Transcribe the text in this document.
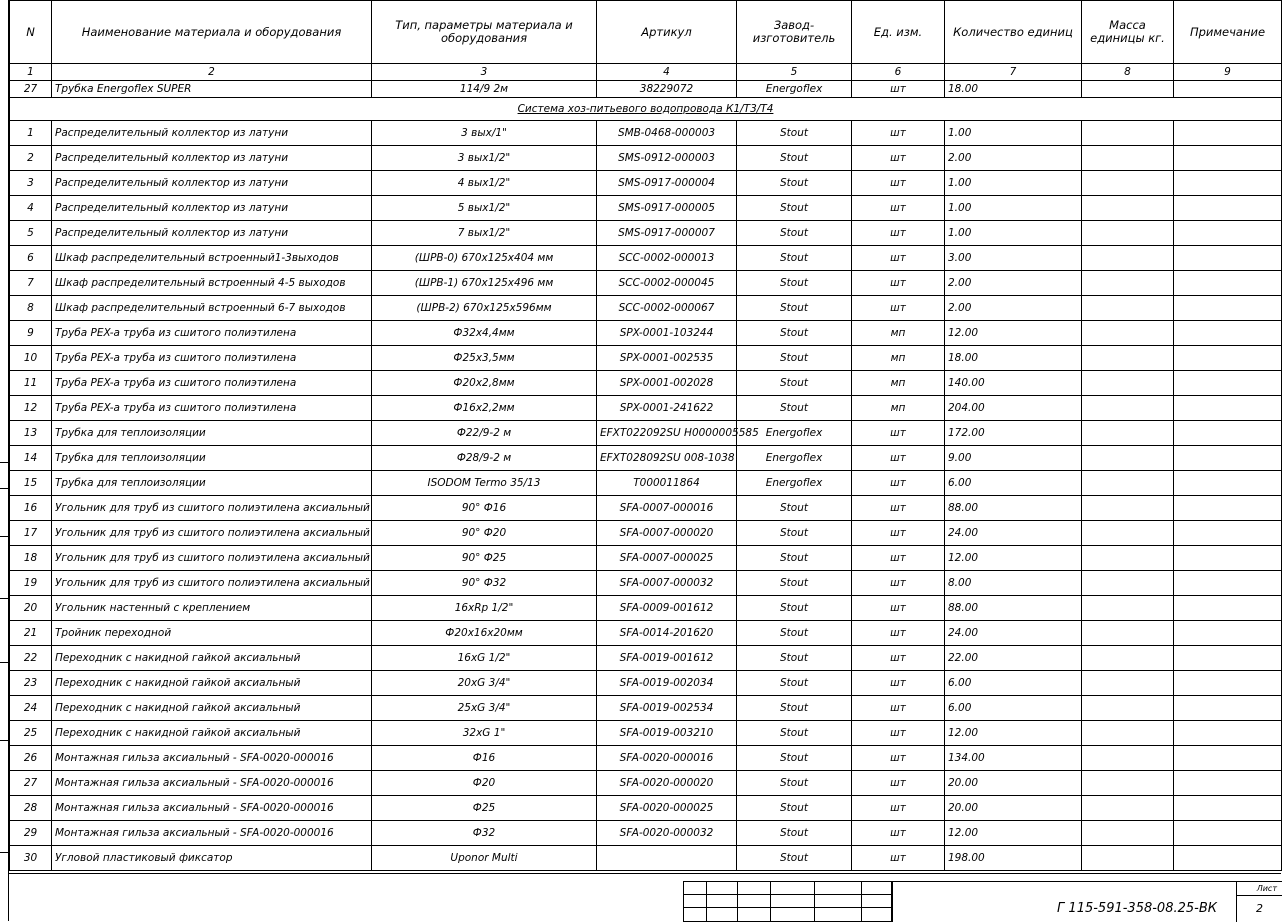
N	Наименование материала и оборудования	Тип, параметры материала и оборудования	Артикул	Завод-изготовитель	Ед. изм.	Количество единиц	Масса единицы кг.	Примечание
1	2	3	4	5	6	7	8	9
27	Трубка Energoflex SUPER	114/9 2м	38229072	Energoflex	шт	18.00		
Система хоз-питьевого водопровода К1/Т3/Т4								
1	Распределительный коллектор из латуни	3 вых/1"	SMB-0468-000003	Stout	шт	1.00		
2	Распределительный коллектор из латуни	3 вых1/2"	SMS-0912-000003	Stout	шт	2.00		
3	Распределительный коллектор из латуни	4 вых1/2"	SMS-0917-000004	Stout	шт	1.00		
4	Распределительный коллектор из латуни	5 вых1/2"	SMS-0917-000005	Stout	шт	1.00		
5	Распределительный коллектор из латуни	7 вых1/2"	SMS-0917-000007	Stout	шт	1.00		
6	Шкаф распределительный встроенный1-3выходов	(ШРВ-0) 670х125х404 мм	SCC-0002-000013	Stout	шт	3.00		
7	Шкаф распределительный встроенный 4-5 выходов	(ШРВ-1) 670х125х496 мм	SCC-0002-000045	Stout	шт	2.00		
8	Шкаф распределительный встроенный 6-7 выходов	(ШРВ-2) 670х125х596мм	SCC-0002-000067	Stout	шт	2.00		
9	Труба PEX-a труба из сшитого полиэтилена	Ф32х4,4мм	SPX-0001-103244	Stout	мп	12.00		
10	Труба PEX-a труба из сшитого полиэтилена	Ф25х3,5мм	SPX-0001-002535	Stout	мп	18.00		
11	Труба PEX-a труба из сшитого полиэтилена	Ф20х2,8мм	SPX-0001-002028	Stout	мп	140.00		
12	Труба PEX-a труба из сшитого полиэтилена	Ф16х2,2мм	SPX-0001-241622	Stout	мп	204.00		
13	Трубка для теплоизоляции	Ф22/9-2 м	EFXT022092SU H0000005585	Energoflex	шт	172.00		
14	Трубка для теплоизоляции	Ф28/9-2 м	EFXT028092SU 008-1038	Energoflex	шт	9.00		
15	Трубка для теплоизоляции	ISODOM Termo 35/13	T000011864	Energoflex	шт	6.00		
16	Угольник для труб из сшитого полиэтилена аксиальный	90° Ф16	SFA-0007-000016	Stout	шт	88.00		
17	Угольник для труб из сшитого полиэтилена аксиальный	90° Ф20	SFA-0007-000020	Stout	шт	24.00		
18	Угольник для труб из сшитого полиэтилена аксиальный	90° Ф25	SFA-0007-000025	Stout	шт	12.00		
19	Угольник для труб из сшитого полиэтилена аксиальный	90° Ф32	SFA-0007-000032	Stout	шт	8.00		
20	Угольник настенный с креплением	16хRp 1/2"	SFA-0009-001612	Stout	шт	88.00		
21	Тройник переходной	Ф20х16х20мм	SFA-0014-201620	Stout	шт	24.00		
22	Переходник с накидной гайкой аксиальный	16хG 1/2"	SFA-0019-001612	Stout	шт	22.00		
23	Переходник с накидной гайкой аксиальный	20хG 3/4"	SFA-0019-002034	Stout	шт	6.00		
24	Переходник с накидной гайкой аксиальный	25хG 3/4"	SFA-0019-002534	Stout	шт	6.00		
25	Переходник с накидной гайкой аксиальный	32хG 1"	SFA-0019-003210	Stout	шт	12.00		
26	Монтажная гильза аксиальный - SFA-0020-000016	Ф16	SFA-0020-000016	Stout	шт	134.00		
27	Монтажная гильза аксиальный - SFA-0020-000016	Ф20	SFA-0020-000020	Stout	шт	20.00		
28	Монтажная гильза аксиальный - SFA-0020-000016	Ф25	SFA-0020-000025	Stout	шт	20.00		
29	Монтажная гильза аксиальный - SFA-0020-000016	Ф32	SFA-0020-000032	Stout	шт	12.00		
30	Угловой пластиковый фиксатор	Uponor Multi		Stout	шт	198.00		
Г 115-591-358-08.25-ВК
Лист
2
